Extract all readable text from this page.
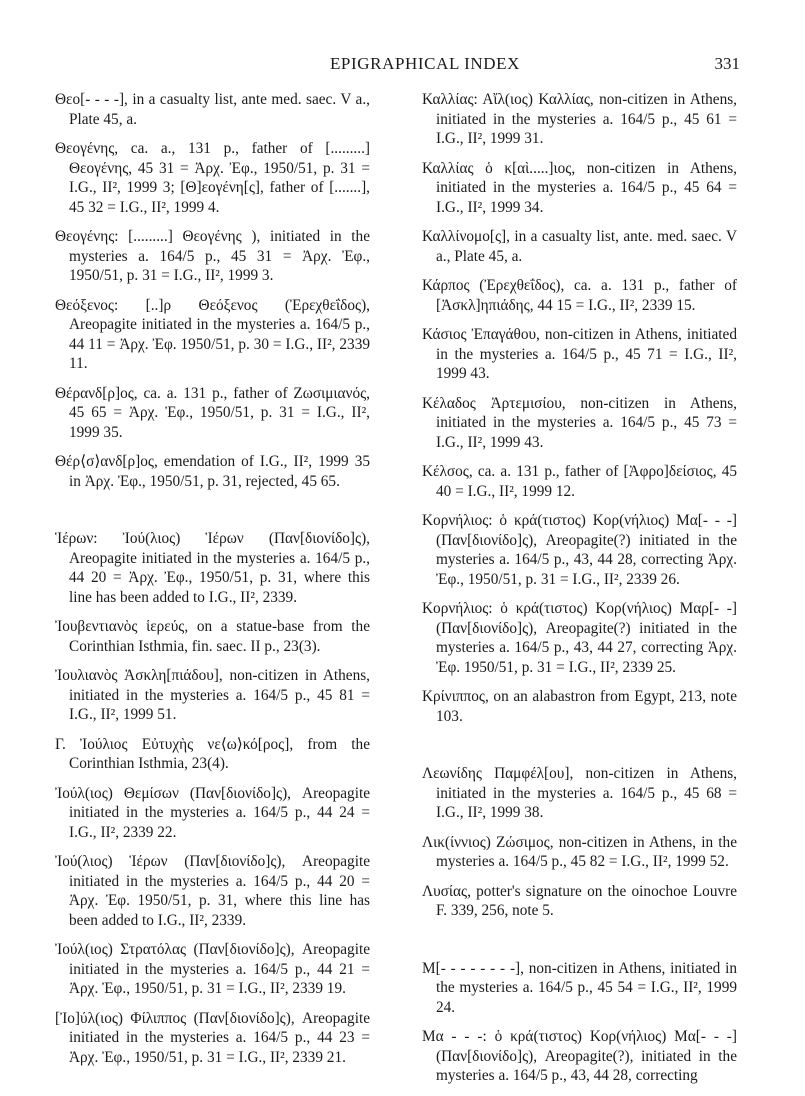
EPIGRAPHICAL INDEX	331

Θεο[- - - -], in a casualty list, ante med. saec. V a., Plate 45, a.

Θεογένης, ca. a., 131 p., father of [.........] Θεογένης, 45 31 = Ἀρχ. Ἐφ., 1950/51, p. 31 = I.G., II², 1999 3; [Θ]εογένη[ς], father of [.......], 45 32 = I.G., II², 1999 4.

Θεογένης: [.........] Θεογένης ), initiated in the mysteries a. 164/5 p., 45 31 = Ἀρχ. Ἐφ., 1950/51, p. 31 = I.G., II², 1999 3.

Θεόξενος: [..]ρ Θεόξενος (Ἐρεχθεΐδος), Areopagite initiated in the mysteries a. 164/5 p., 44 11 = Ἀρχ. Ἐφ. 1950/51, p. 30 = I.G., II², 2339 11.

Θέρανδ[ρ]ος, ca. a. 131 p., father of Ζωσιμιανός, 45 65 = Ἀρχ. Ἐφ., 1950/51, p. 31 = I.G., II², 1999 35.

Θέρ⟨σ⟩ανδ[ρ]ος, emendation of I.G., II², 1999 35 in Ἀρχ. Ἐφ., 1950/51, p. 31, rejected, 45 65.

Ἱέρων: Ἰού(λιος) Ἱέρων (Παν[διονίδο]ς), Areopagite initiated in the mysteries a. 164/5 p., 44 20 = Ἀρχ. Ἐφ., 1950/51, p. 31, where this line has been added to I.G., II², 2339.

Ἰουβεντιανὸς ἱερεύς, on a statue-base from the Corinthian Isthmia, fin. saec. II p., 23(3).

Ἰουλιανὸς Ἀσκλη[πιάδου], non-citizen in Athens, initiated in the mysteries a. 164/5 p., 45 81 = I.G., II², 1999 51.

Γ. Ἰούλιος Εὐτυχὴς νε⟨ω⟩κό[ρος], from the Corinthian Isthmia, 23(4).

Ἰούλ(ιος) Θεμίσων (Παν[διονίδο]ς), Areopagite initiated in the mysteries a. 164/5 p., 44 24 = I.G., II², 2339 22.

Ἰού(λιος) Ἱέρων (Παν[διονίδο]ς), Areopagite initiated in the mysteries a. 164/5 p., 44 20 = Ἀρχ. Ἐφ. 1950/51, p. 31, where this line has been added to I.G., II², 2339.

Ἰούλ(ιος) Στρατόλας (Παν[διονίδο]ς), Areopagite initiated in the mysteries a. 164/5 p., 44 21 = Ἀρχ. Ἐφ., 1950/51, p. 31 = I.G., II², 2339 19.

[Ἰο]ύλ(ιος) Φίλιππος (Παν[διονίδο]ς), Areopagite initiated in the mysteries a. 164/5 p., 44 23 = Ἀρχ. Ἐφ., 1950/51, p. 31 = I.G., II², 2339 21.

Καλλίας: Αἴλ(ιος) Καλλίας, non-citizen in Athens, initiated in the mysteries a. 164/5 p., 45 61 = I.G., II², 1999 31.

Καλλίας ὁ κ[αὶ.....]ιος, non-citizen in Athens, initiated in the mysteries a. 164/5 p., 45 64 = I.G., II², 1999 34.

Καλλίνομο[ς], in a casualty list, ante. med. saec. V a., Plate 45, a.

Κάρπος (Ἐρεχθεΐδος), ca. a. 131 p., father of [Ἀσκλ]ηπιάδης, 44 15 = I.G., II², 2339 15.

Κάσιος Ἐπαγάθου, non-citizen in Athens, initiated in the mysteries a. 164/5 p., 45 71 = I.G., II², 1999 43.

Κέλαδος Ἀρτεμισίου, non-citizen in Athens, initiated in the mysteries a. 164/5 p., 45 73 = I.G., II², 1999 43.

Κέλσος, ca. a. 131 p., father of [Ἀφρο]δείσιος, 45 40 = I.G., II², 1999 12.

Κορνήλιος: ὁ κρά(τιστος) Κορ(νήλιος) Μα[- - -] (Παν[διονίδο]ς), Areopagite(?) initiated in the mysteries a. 164/5 p., 43, 44 28, correcting Ἀρχ. Ἐφ., 1950/51, p. 31 = I.G., II², 2339 26.

Κορνήλιος: ὁ κρά(τιστος) Κορ(νήλιος) Μαρ[- -] (Παν[διονίδο]ς), Areopagite(?) initiated in the mysteries a. 164/5 p., 43, 44 27, correcting Ἀρχ. Ἐφ. 1950/51, p. 31 = I.G., II², 2339 25.

Κρίνιππος, on an alabastron from Egypt, 213, note 103.

Λεωνίδης Παμφέλ[ου], non-citizen in Athens, initiated in the mysteries a. 164/5 p., 45 68 = I.G., II², 1999 38.

Λικ(ίννιος) Ζώσιμος, non-citizen in Athens, in the mysteries a. 164/5 p., 45 82 = I.G., II², 1999 52.

Λυσίας, potter's signature on the oinochoe Louvre F. 339, 256, note 5.

Μ[- - - - - - - -], non-citizen in Athens, initiated in the mysteries a. 164/5 p., 45 54 = I.G., II², 1999 24.

Μα - - -: ὁ κρά(τιστος) Κορ(νήλιος) Μα[- - -] (Παν[διονίδο]ς), Areopagite(?), initiated in the mysteries a. 164/5 p., 43, 44 28, correcting
